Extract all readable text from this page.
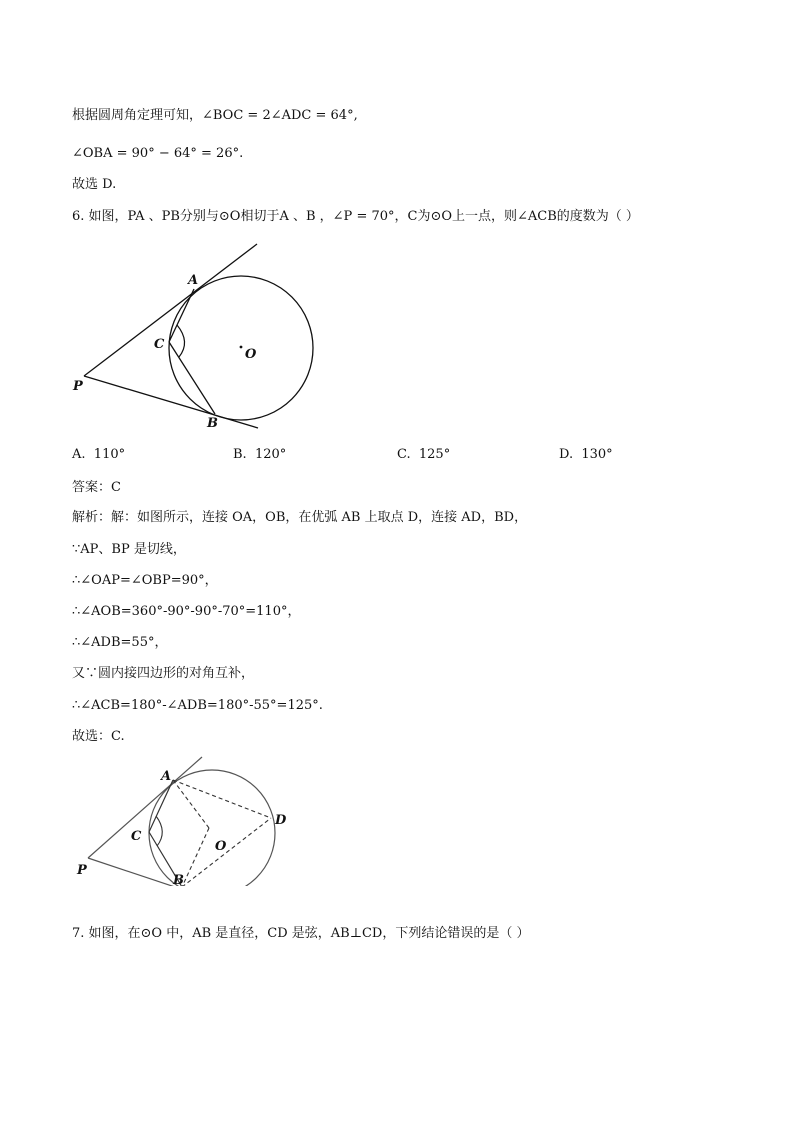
根据圆周角定理可知，∠BOC = 2∠ADC = 64°,
∠OBA = 90° − 64° = 26°.
故选 D.
6. 如图，PA 、PB分别与⊙O相切于A 、B ，∠P = 70°，C为⊙O上一点，则∠ACB的度数为（ ）
A
C
O
P
B
A. 110°	B. 120°	C. 125°	D. 130°
答案：C
解析：解：如图所示，连接 OA，OB，在优弧 AB 上取点 D，连接 AD，BD，
∵AP、BP 是切线，
∴∠OAP=∠OBP=90°，
∴∠AOB=360°-90°-90°-70°=110°，
∴∠ADB=55°，
又∵圆内接四边形的对角互补，
∴∠ACB=180°-∠ADB=180°-55°=125°.
故选：C.
A
C
O
D
P
B
7. 如图，在⊙O 中，AB 是直径，CD 是弦，AB⊥CD，下列结论错误的是（ ）
